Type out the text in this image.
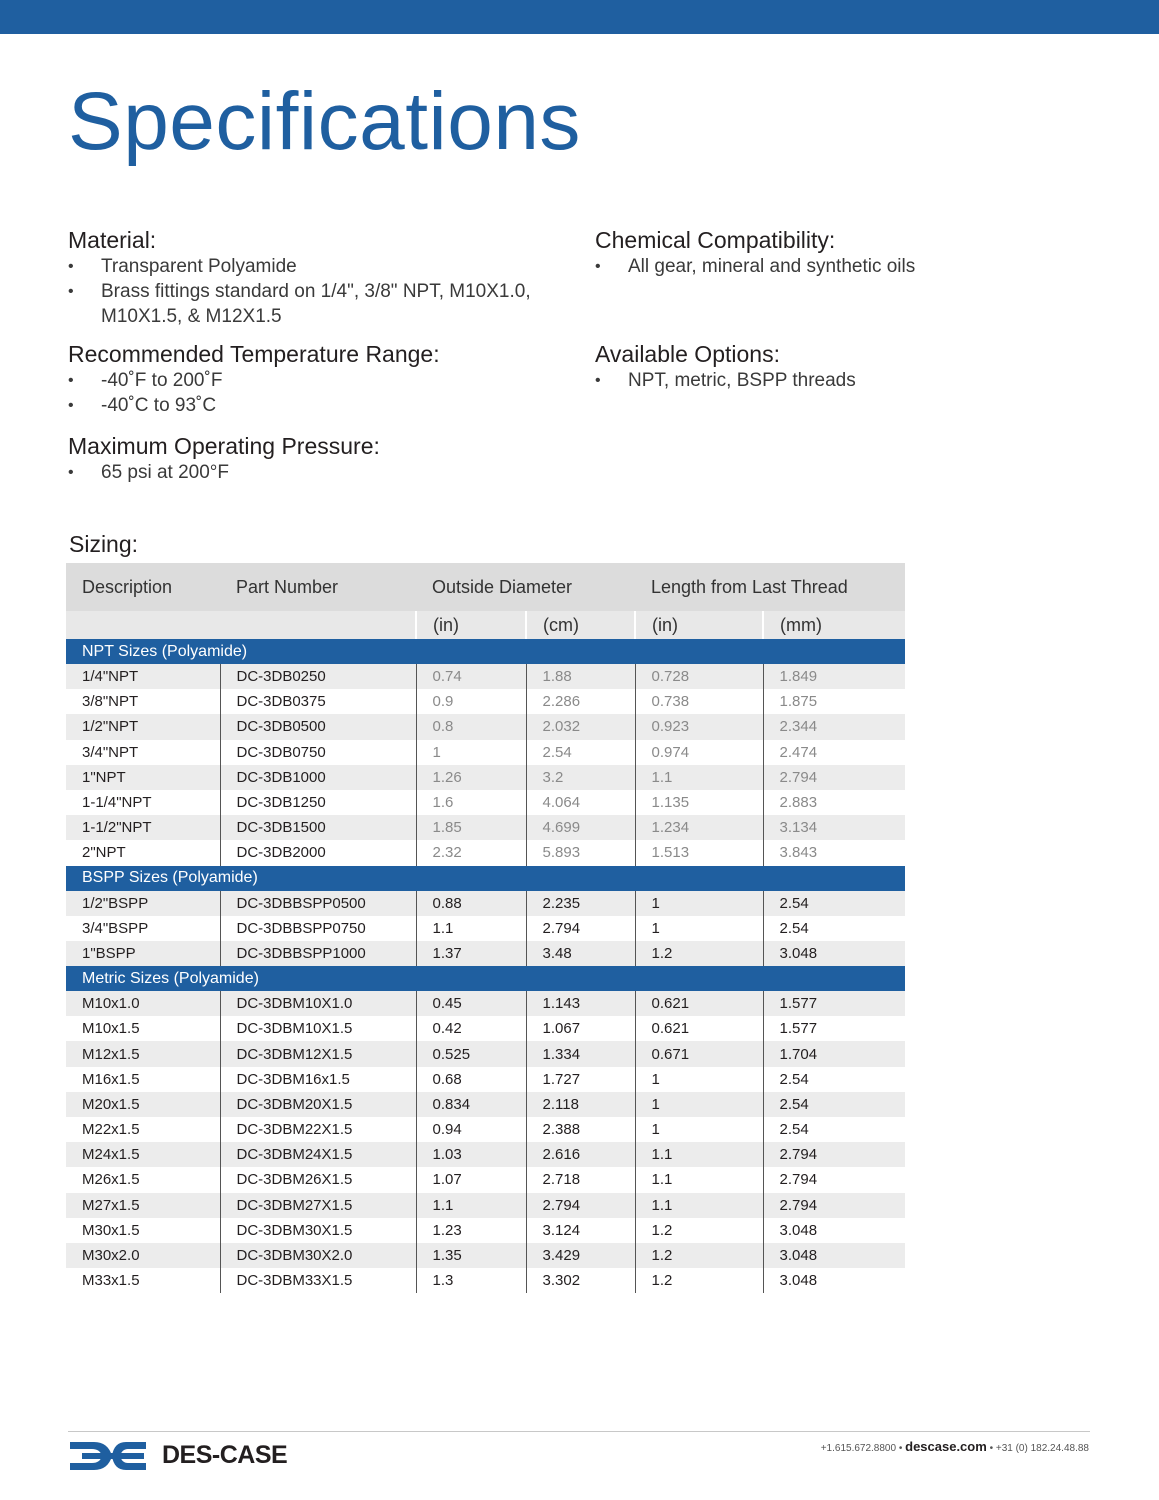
Specifications
Material:
• Transparent Polyamide
• Brass fittings standard on 1/4", 3/8" NPT, M10X1.0, M10X1.5, & M12X1.5
Recommended Temperature Range:
• -40˚F to 200˚F
• -40˚C to 93˚C
Maximum Operating Pressure:
• 65 psi at 200°F
Chemical Compatibility:
• All gear, mineral and synthetic oils
Available Options:
• NPT, metric, BSPP threads
Sizing:
Description	Part Number	Outside Diameter		Length from Last Thread	
		(in)	(cm)	(in)	(mm)
NPT Sizes (Polyamide)					
1/4"NPT	DC-3DB0250	0.74	1.88	0.728	1.849
3/8"NPT	DC-3DB0375	0.9	2.286	0.738	1.875
1/2"NPT	DC-3DB0500	0.8	2.032	0.923	2.344
3/4"NPT	DC-3DB0750	1	2.54	0.974	2.474
1"NPT	DC-3DB1000	1.26	3.2	1.1	2.794
1-1/4"NPT	DC-3DB1250	1.6	4.064	1.135	2.883
1-1/2"NPT	DC-3DB1500	1.85	4.699	1.234	3.134
2"NPT	DC-3DB2000	2.32	5.893	1.513	3.843
BSPP Sizes (Polyamide)					
1/2"BSPP	DC-3DBBSPP0500	0.88	2.235	1	2.54
3/4"BSPP	DC-3DBBSPP0750	1.1	2.794	1	2.54
1"BSPP	DC-3DBBSPP1000	1.37	3.48	1.2	3.048
Metric Sizes (Polyamide)					
M10x1.0	DC-3DBM10X1.0	0.45	1.143	0.621	1.577
M10x1.5	DC-3DBM10X1.5	0.42	1.067	0.621	1.577
M12x1.5	DC-3DBM12X1.5	0.525	1.334	0.671	1.704
M16x1.5	DC-3DBM16x1.5	0.68	1.727	1	2.54
M20x1.5	DC-3DBM20X1.5	0.834	2.118	1	2.54
M22x1.5	DC-3DBM22X1.5	0.94	2.388	1	2.54
M24x1.5	DC-3DBM24X1.5	1.03	2.616	1.1	2.794
M26x1.5	DC-3DBM26X1.5	1.07	2.718	1.1	2.794
M27x1.5	DC-3DBM27X1.5	1.1	2.794	1.1	2.794
M30x1.5	DC-3DBM30X1.5	1.23	3.124	1.2	3.048
M30x2.0	DC-3DBM30X2.0	1.35	3.429	1.2	3.048
M33x1.5	DC-3DBM33X1.5	1.3	3.302	1.2	3.048
DES-CASE	+1.615.672.8800 • descase.com • +31 (0) 182.24.48.88
